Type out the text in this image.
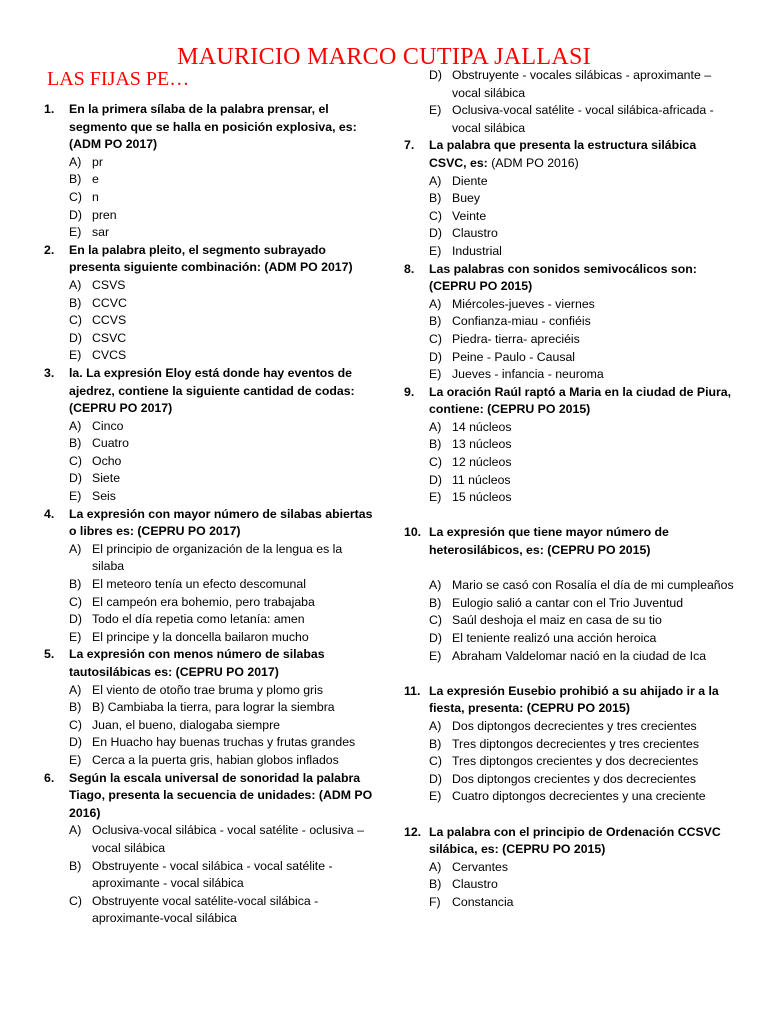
MAURICIO MARCO CUTIPA JALLASI
LAS FIJAS PE…
1.	En la primera sílaba de la palabra prensar, el segmento que se halla en posición explosiva, es: (ADM PO 2017)
A) pr
B) e
C) n
D) pren
E) sar
2.	En la palabra pleito, el segmento subrayado presenta siguiente combinación: (ADM PO 2017)
A) CSVS
B) CCVC
C) CCVS
D) CSVC
E) CVCS
3.	la. La expresión Eloy está donde hay eventos de ajedrez, contiene la siguiente cantidad de codas: (CEPRU PO 2017)
A) Cinco
B) Cuatro
C) Ocho
D) Siete
E) Seis
4.	La expresión con mayor número de silabas abiertas o libres es: (CEPRU PO 2017)
A) El principio de organización de la lengua es la silaba
B) El meteoro tenía un efecto descomunal
C) El campeón era bohemio, pero trabajaba
D) Todo el día repetia como letanía: amen
E) El principe y la doncella bailaron mucho
5.	La expresión con menos número de silabas tautosilábicas es: (CEPRU PO 2017)
A) El viento de otoño trae bruma y plomo gris
B) B) Cambiaba la tierra, para lograr la siembra
C) Juan, el bueno, dialogaba siempre
D) En Huacho hay buenas truchas y frutas grandes
E) Cerca a la puerta gris, habian globos inflados
6.	Según la escala universal de sonoridad la palabra Tiago, presenta la secuencia de unidades: (ADM PO 2016)
A) Oclusiva-vocal silábica - vocal satélite - oclusiva – vocal silábica
B) Obstruyente - vocal silábica - vocal satélite - aproximante - vocal silábica
C) Obstruyente vocal satélite-vocal silábica - aproximante-vocal silábica
D) Obstruyente - vocales silábicas - aproximante – vocal silábica
E) Oclusiva-vocal satélite - vocal silábica-africada - vocal silábica
7.	La palabra que presenta la estructura silábica CSVC, es: (ADM PO 2016)
A) Diente
B) Buey
C) Veinte
D) Claustro
E) Industrial
8.	Las palabras con sonidos semivocálicos son: (CEPRU PO 2015)
A) Miércoles-jueves - viernes
B) Confianza-miau - confiéis
C) Piedra- tierra- apreciéis
D) Peine - Paulo - Causal
E) Jueves - infancia - neuroma
9.	La oración Raúl raptó a Maria en la ciudad de Piura, contiene: (CEPRU PO 2015)
A) 14 núcleos
B) 13 núcleos
C) 12 núcleos
D) 11 núcleos
E) 15 núcleos
10. La expresión que tiene mayor número de heterosilábicos, es: (CEPRU PO 2015)
A) Mario se casó con Rosalía el día de mi cumpleaños
B) Eulogio salió a cantar con el Trio Juventud
C) Saúl deshoja el maiz en casa de su tio
D) El teniente realizó una acción heroica
E) Abraham Valdelomar nació en la ciudad de Ica
11. La expresión Eusebio prohibió a su ahijado ir a la fiesta, presenta: (CEPRU PO 2015)
A) Dos diptongos decrecientes y tres crecientes
B) Tres diptongos decrecientes y tres crecientes
C) Tres diptongos crecientes y dos decrecientes
D) Dos diptongos crecientes y dos decrecientes
E) Cuatro diptongos decrecientes y una creciente
12. La palabra con el principio de Ordenación CCSVC silábica, es: (CEPRU PO 2015)
A) Cervantes
B) Claustro
F) Constancia
